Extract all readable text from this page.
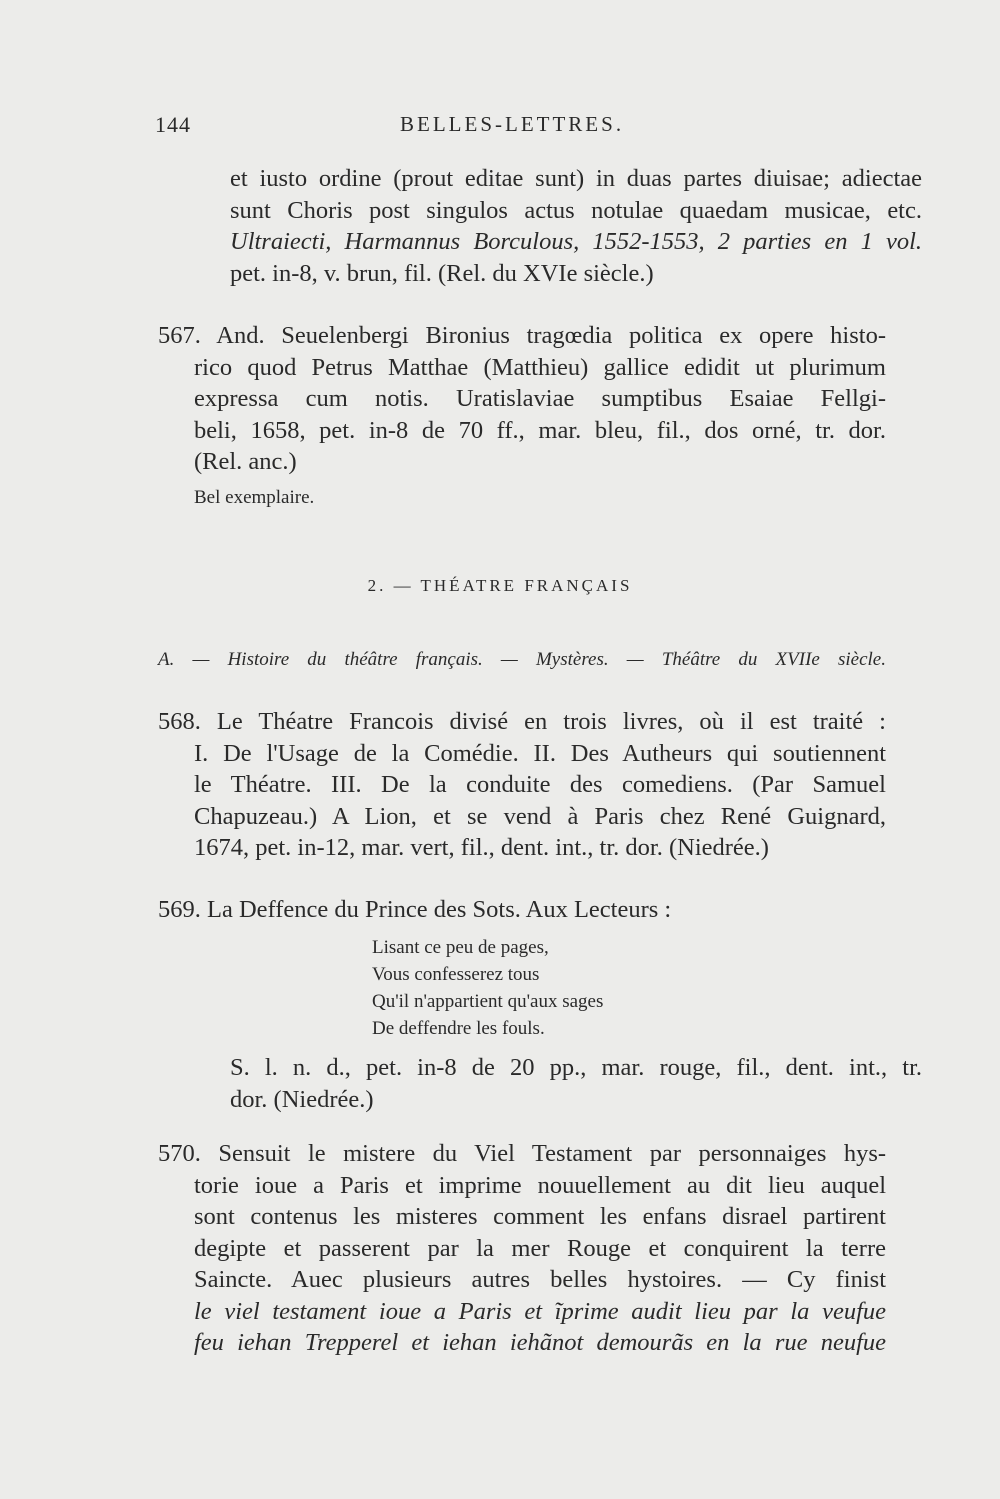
144	BELLES-LETTRES.

et iusto ordine (prout editae sunt) in duas partes diuisae; adiectae

sunt Choris post singulos actus notulae quaedam musicae, etc.

Ultraiecti, Harmannus Borculous, 1552-1553, 2 parties en 1 vol.

pet. in-8, v. brun, fil. (Rel. du XVIe siècle.)

567. And. Seuelenbergi Bironius tragœdia politica ex opere histo-

rico quod Petrus Matthae (Matthieu) gallice edidit ut plurimum

expressa cum notis. Uratislaviae sumptibus Esaiae Fellgi-

beli, 1658, pet. in-8 de 70 ff., mar. bleu, fil., dos orné, tr. dor.

(Rel. anc.)

Bel exemplaire.

2. — THÉATRE FRANÇAIS
A. — Histoire du théâtre français. — Mystères. — Théâtre du XVIIe siècle.

568. Le Théatre Francois divisé en trois livres, où il est traité :

I. De l'Usage de la Comédie. II. Des Autheurs qui soutiennent

le Théatre. III. De la conduite des comediens. (Par Samuel

Chapuzeau.) A Lion, et se vend à Paris chez René Guignard,

1674, pet. in-12, mar. vert, fil., dent. int., tr. dor. (Niedrée.)

569. La Deffence du Prince des Sots. Aux Lecteurs :

Lisant ce peu de pages,
Vous confesserez tous
Qu'il n'appartient qu'aux sages
De deffendre les fouls.

S. l. n. d., pet. in-8 de 20 pp., mar. rouge, fil., dent. int., tr.

dor. (Niedrée.)

570. Sensuit le mistere du Viel Testament par personnaiges hys-

torie ioue a Paris et imprime nouuellement au dit lieu auquel

sont contenus les misteres comment les enfans disrael partirent

degipte et passerent par la mer Rouge et conquirent la terre

Saincte. Auec plusieurs autres belles hystoires. — Cy finist

le viel testament ioue a Paris et ĩprime audit lieu par la veufue

feu iehan Trepperel et iehan iehãnot demourãs en la rue neufue
